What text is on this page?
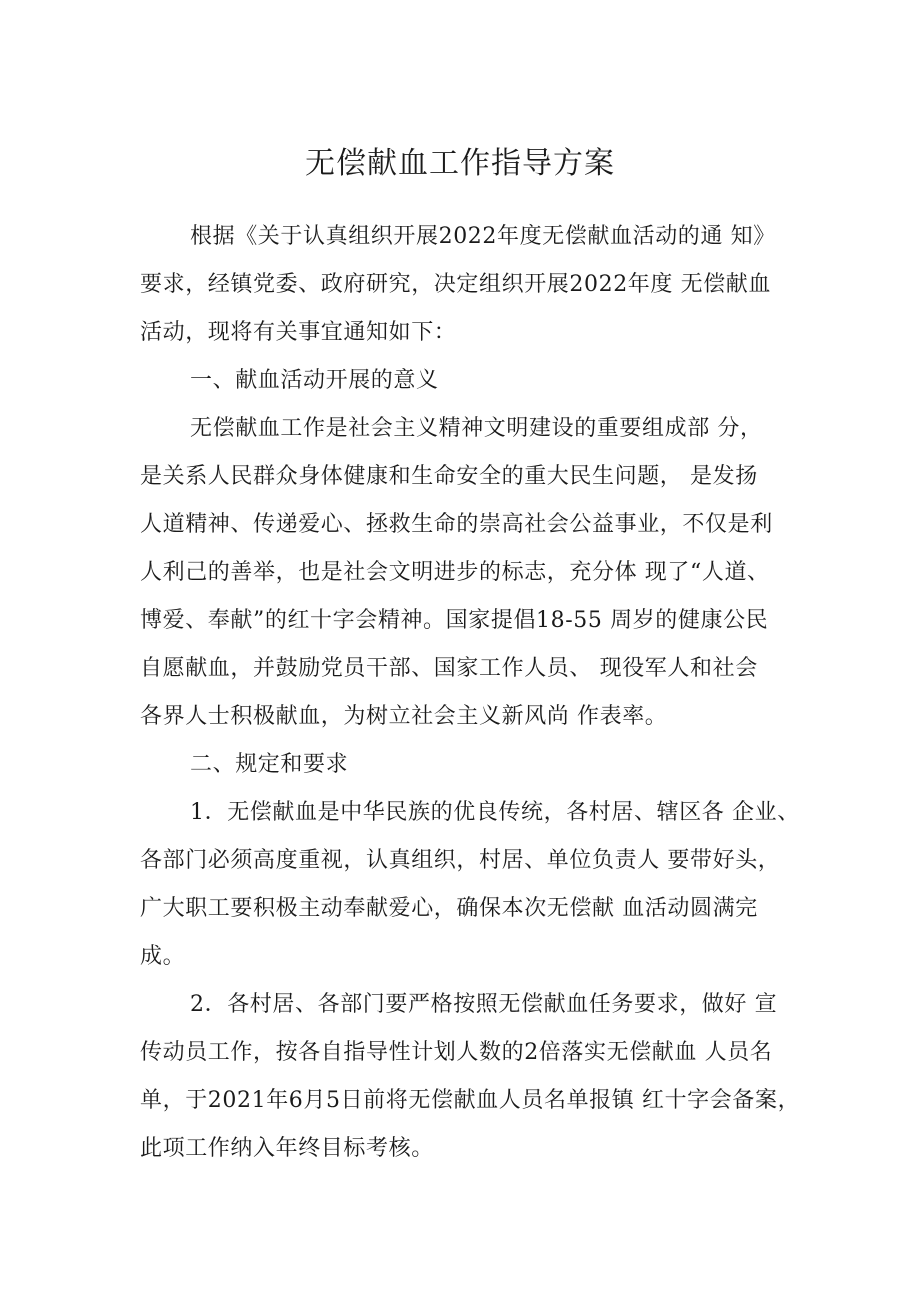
无偿献血工作指导方案
根据《关于认真组织开展2022年度无偿献血活动的通 知》
要求，经镇党委、政府研究，决定组织开展2022年度 无偿献血
活动，现将有关事宜通知如下：
一、献血活动开展的意义
无偿献血工作是社会主义精神文明建设的重要组成部 分，
是关系人民群众身体健康和生命安全的重大民生问题， 是发扬
人道精神、传递爱心、拯救生命的崇高社会公益事业，不仅是利
人利己的善举，也是社会文明进步的标志，充分体 现了“人道、
博爱、奉献”的红十字会精神。国家提倡18-55 周岁的健康公民
自愿献血，并鼓励党员干部、国家工作人员、 现役军人和社会
各界人士积极献血，为树立社会主义新风尚 作表率。
二、规定和要求
1．无偿献血是中华民族的优良传统，各村居、辖区各 企业、
各部门必须高度重视，认真组织，村居、单位负责人 要带好头，
广大职工要积极主动奉献爱心，确保本次无偿献 血活动圆满完
成。
2．各村居、各部门要严格按照无偿献血任务要求，做好 宣
传动员工作，按各自指导性计划人数的2倍落实无偿献血 人员名
单，于2021年6月5日前将无偿献血人员名单报镇 红十字会备案，
此项工作纳入年终目标考核。
